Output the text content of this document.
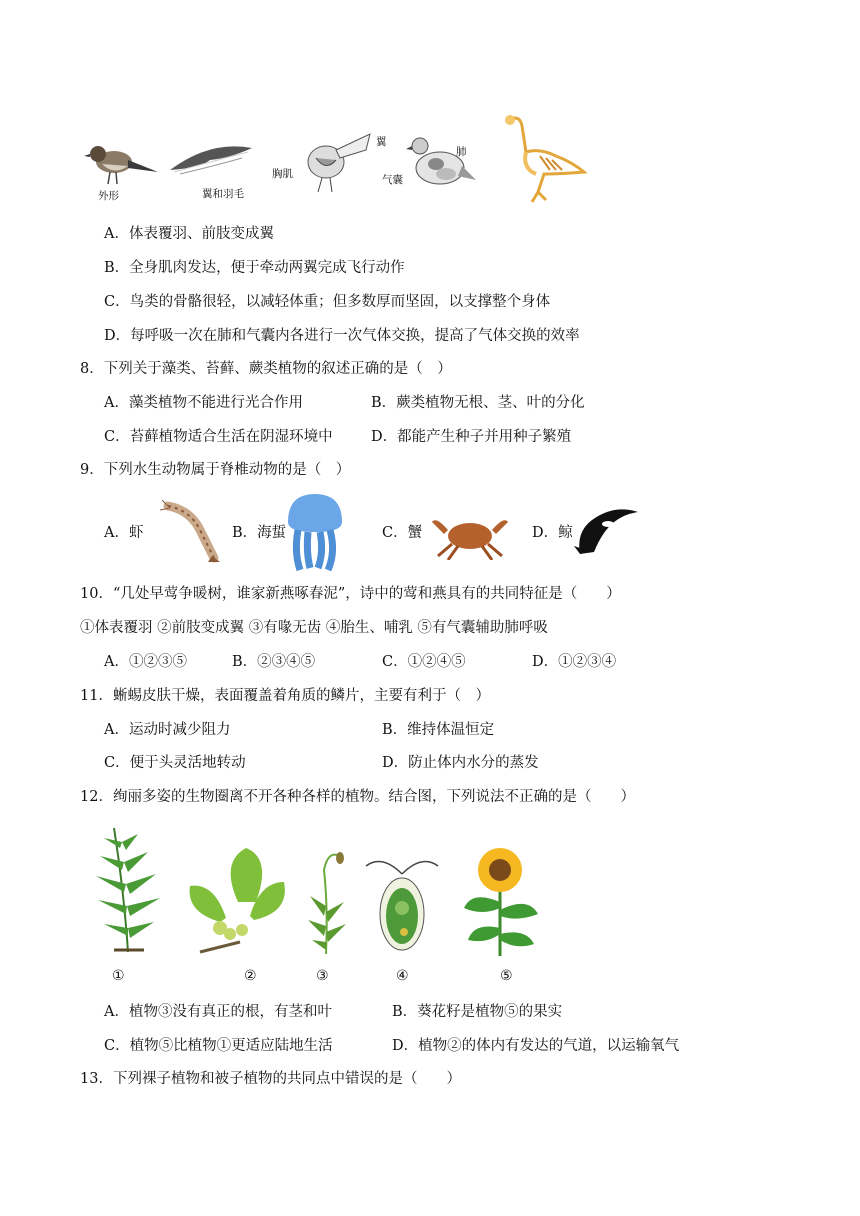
外形	翼和羽毛
翼
胸肌
肺
气囊
A．体表覆羽、前肢变成翼
B．全身肌肉发达，便于牵动两翼完成飞行动作
C．鸟类的骨骼很轻，以减轻体重；但多数厚而坚固，以支撑整个身体
D．每呼吸一次在肺和气囊内各进行一次气体交换，提高了气体交换的效率
8．下列关于藻类、苔藓、蕨类植物的叙述正确的是（　）
A．藻类植物不能进行光合作用	B．蕨类植物无根、茎、叶的分化
C．苔藓植物适合生活在阴湿环境中	D．都能产生种子并用种子繁殖
9．下列水生动物属于脊椎动物的是（　）
A．虾	B．海蜇	C．蟹	D．鲸
10．“几处早莺争暖树，谁家新燕啄春泥”，诗中的莺和燕具有的共同特征是（　　）
①体表覆羽 ②前肢变成翼 ③有喙无齿 ④胎生、哺乳 ⑤有气囊辅助肺呼吸
A．①②③⑤	B．②③④⑤	C．①②④⑤	D．①②③④
11．蜥蜴皮肤干燥，表面覆盖着角质的鳞片，主要有利于（　）
A．运动时减少阻力	B．维持体温恒定
C．便于头灵活地转动	D．防止体内水分的蒸发
12．绚丽多姿的生物圈离不开各种各样的植物。结合图，下列说法不正确的是（　　）
①	②	③	④	⑤
A．植物③没有真正的根，有茎和叶	B．葵花籽是植物⑤的果实
C．植物⑤比植物①更适应陆地生活	D．植物②的体内有发达的气道，以运输氧气
13．下列裸子植物和被子植物的共同点中错误的是（　　）
